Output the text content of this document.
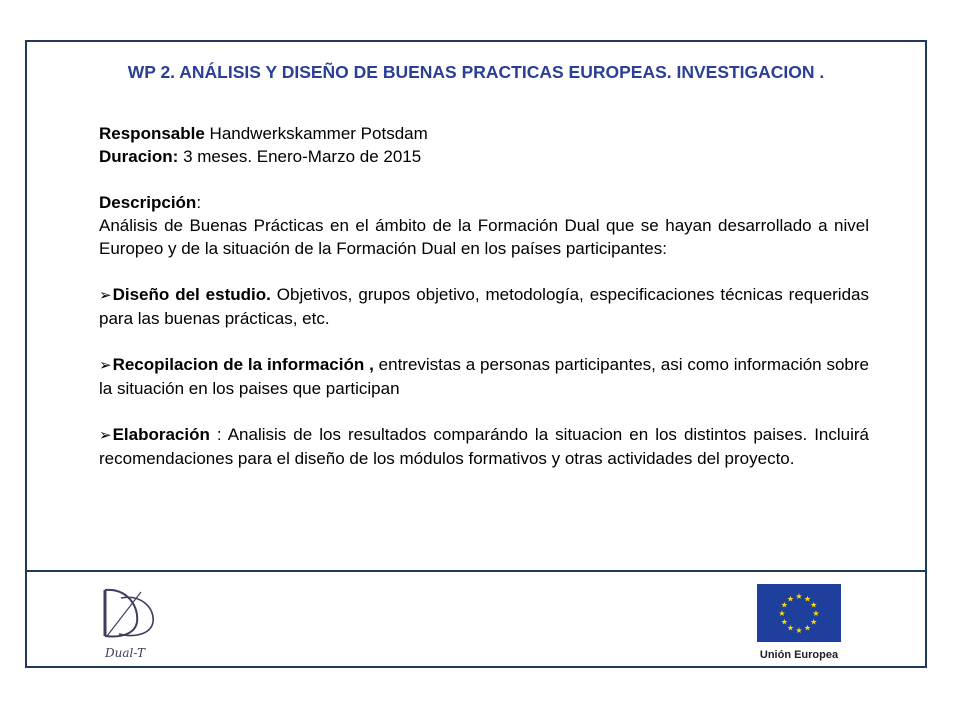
WP 2. ANÁLISIS Y DISEÑO DE BUENAS PRACTICAS EUROPEAS. INVESTIGACION .

Responsable Handwerkskammer Potsdam

Duracion: 3 meses. Enero-Marzo de 2015

Descripción:

Análisis de Buenas Prácticas en el ámbito de la Formación Dual que se hayan desarrollado a nivel Europeo y de la situación de la Formación Dual en los países participantes:

➢Diseño del estudio. Objetivos, grupos objetivo, metodología, especificaciones técnicas requeridas para las buenas prácticas, etc.

➢Recopilacion de la información , entrevistas a personas participantes, asi como información sobre la situación en los paises que participan

➢Elaboración : Analisis de los resultados comparándo la situacion en los distintos paises. Incluirá recomendaciones para el diseño de los módulos formativos y otras actividades del proyecto.

Dual-T
★ ★
★
★
★
★
★
★
★
★
★
★
Unión Europea
